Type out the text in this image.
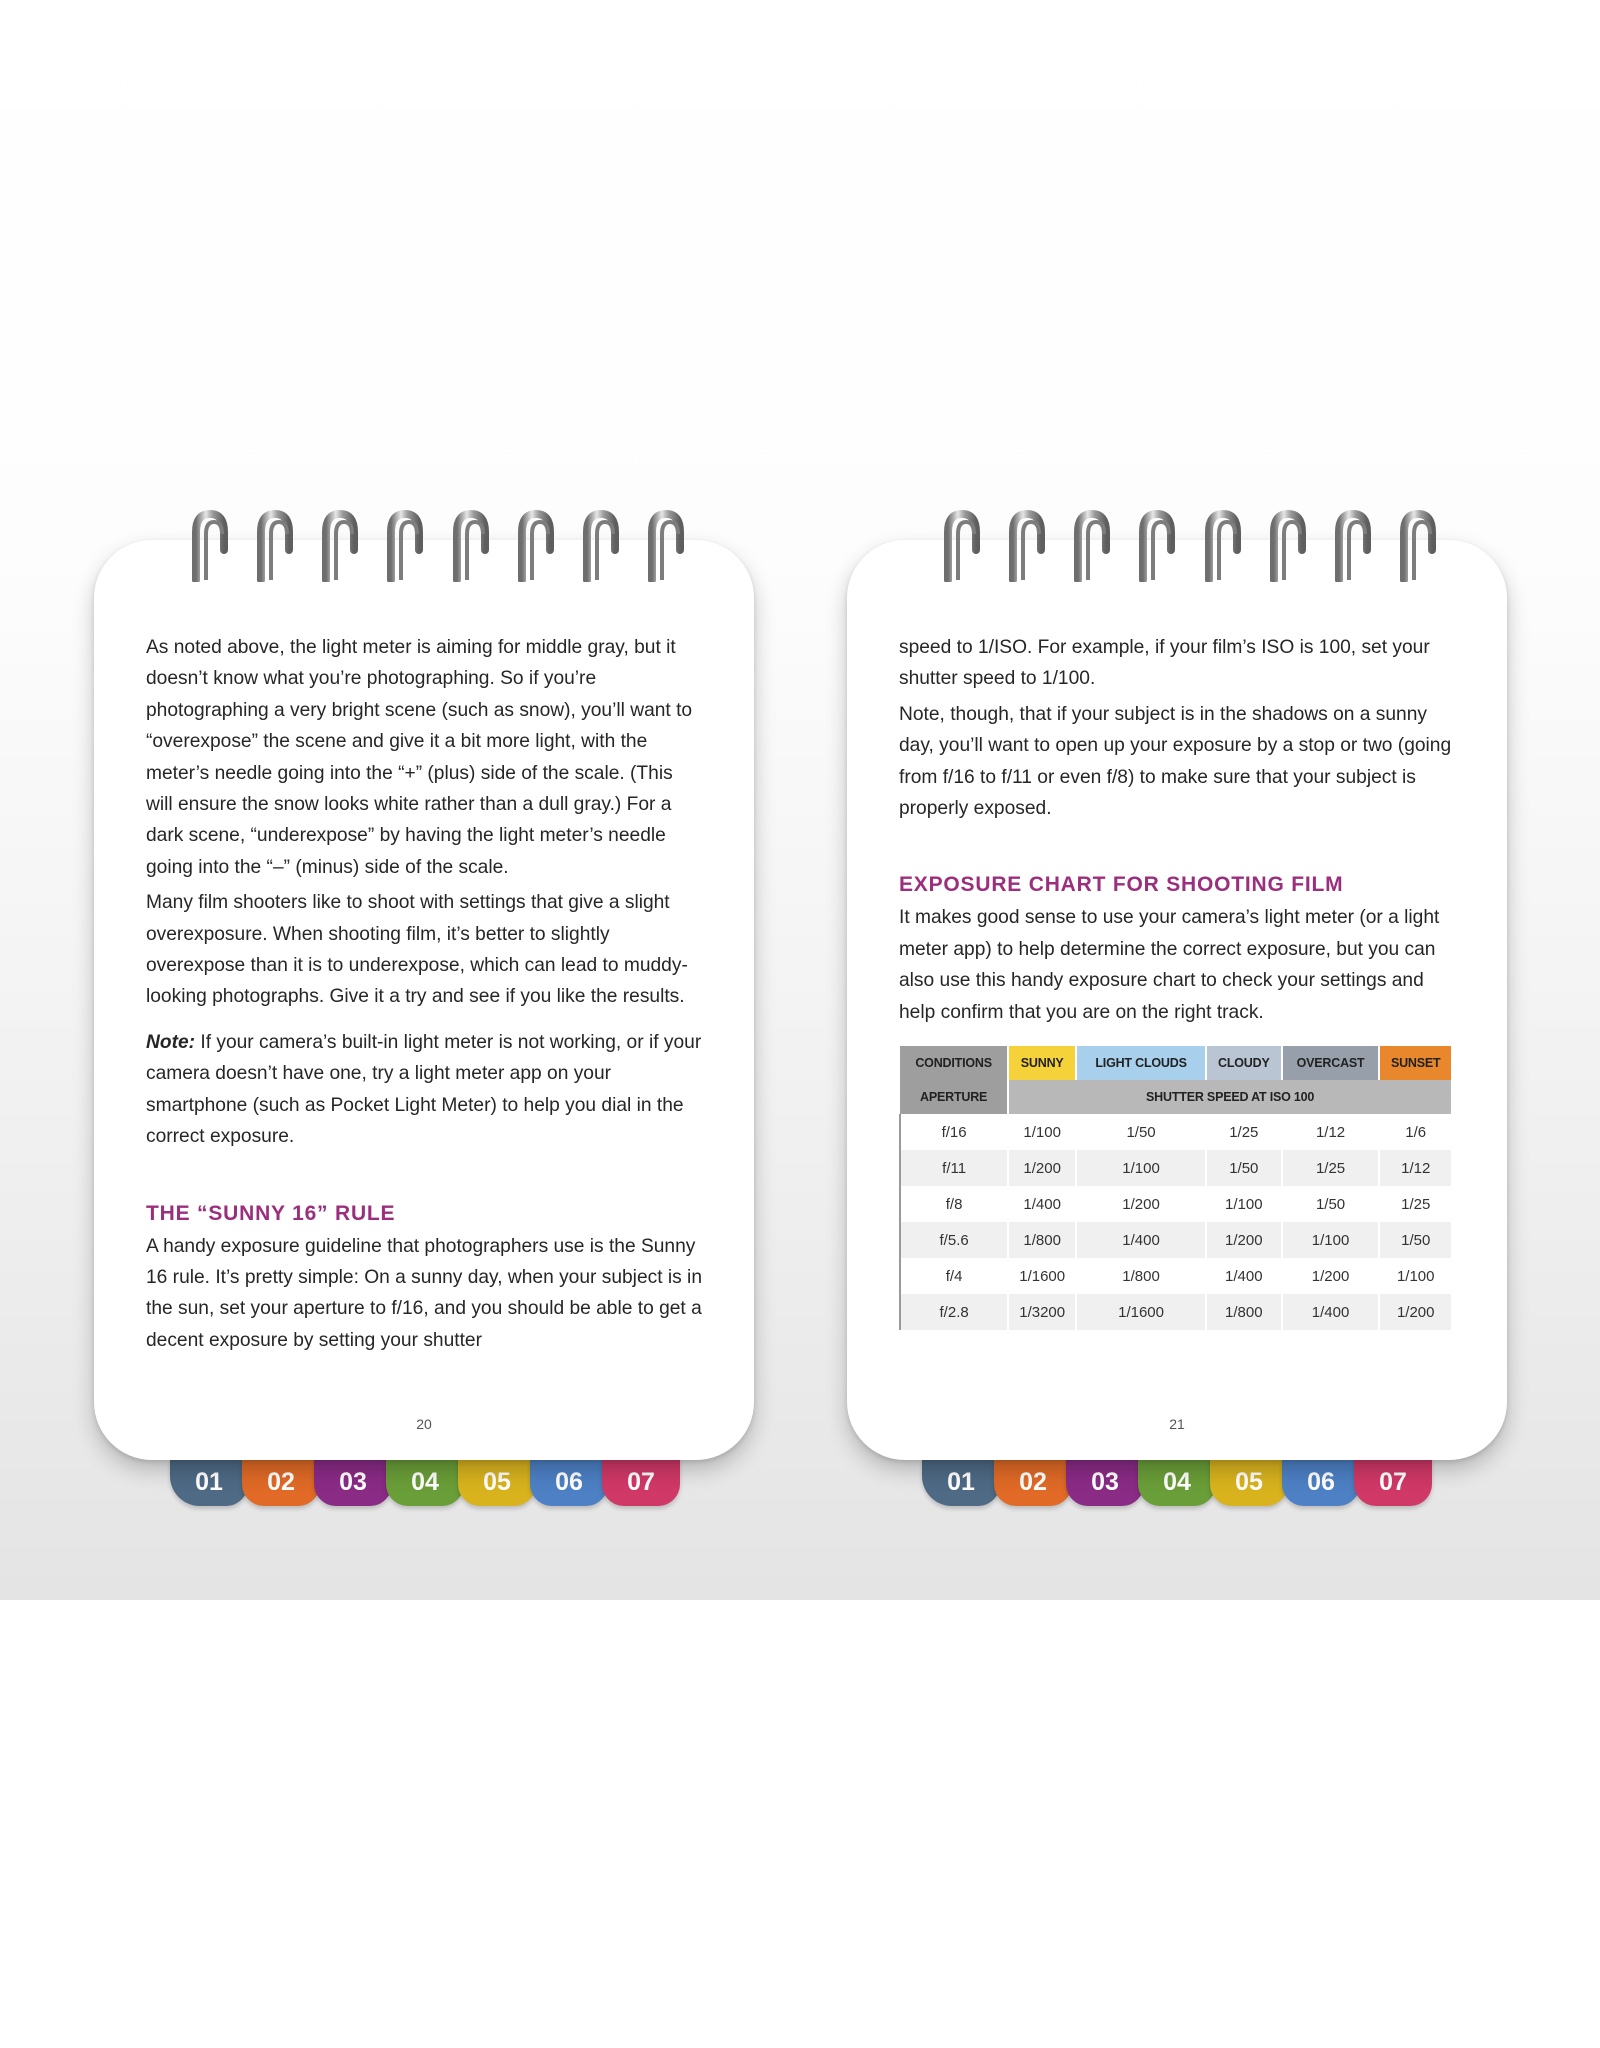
As noted above, the light meter is aiming for middle gray, but it doesn’t know what you’re photographing. So if you’re photographing a very bright scene (such as snow), you’ll want to “overexpose” the scene and give it a bit more light, with the meter’s needle going into the “+” (plus) side of the scale. (This will ensure the snow looks white rather than a dull gray.) For a dark scene, “underexpose” by having the light meter’s needle going into the “–” (minus) side of the scale.

Many film shooters like to shoot with settings that give a slight overexposure. When shooting film, it’s better to slightly overexpose than it is to underexpose, which can lead to muddy-looking photographs. Give it a try and see if you like the results.

Note: If your camera’s built-in light meter is not working, or if your camera doesn’t have one, try a light meter app on your smartphone (such as Pocket Light Meter) to help you dial in the correct exposure.

THE “SUNNY 16” RULE

A handy exposure guideline that photographers use is the Sunny 16 rule. It’s pretty simple: On a sunny day, when your subject is in the sun, set your aperture to f/16, and you should be able to get a decent exposure by setting your shutter

20
01	02	03	04	05	06	07

speed to 1/ISO. For example, if your film’s ISO is 100, set your shutter speed to 1/100.

Note, though, that if your subject is in the shadows on a sunny day, you’ll want to open up your exposure by a stop or two (going from f/16 to f/11 or even f/8) to make sure that your subject is properly exposed.

EXPOSURE CHART FOR SHOOTING FILM

It makes good sense to use your camera’s light meter (or a light meter app) to help determine the correct exposure, but you can also use this handy exposure chart to check your settings and help confirm that you are on the right track.

CONDITIONS	SUNNY	LIGHT CLOUDS	CLOUDY	OVERCAST	SUNSET
APERTURE	SHUTTER SPEED AT ISO 100				
f/16	1/100	1/50	1/25	1/12	1/6
f/11	1/200	1/100	1/50	1/25	1/12
f/8	1/400	1/200	1/100	1/50	1/25
f/5.6	1/800	1/400	1/200	1/100	1/50
f/4	1/1600	1/800	1/400	1/200	1/100
f/2.8	1/3200	1/1600	1/800	1/400	1/200
21
01	02	03	04	05	06	07
